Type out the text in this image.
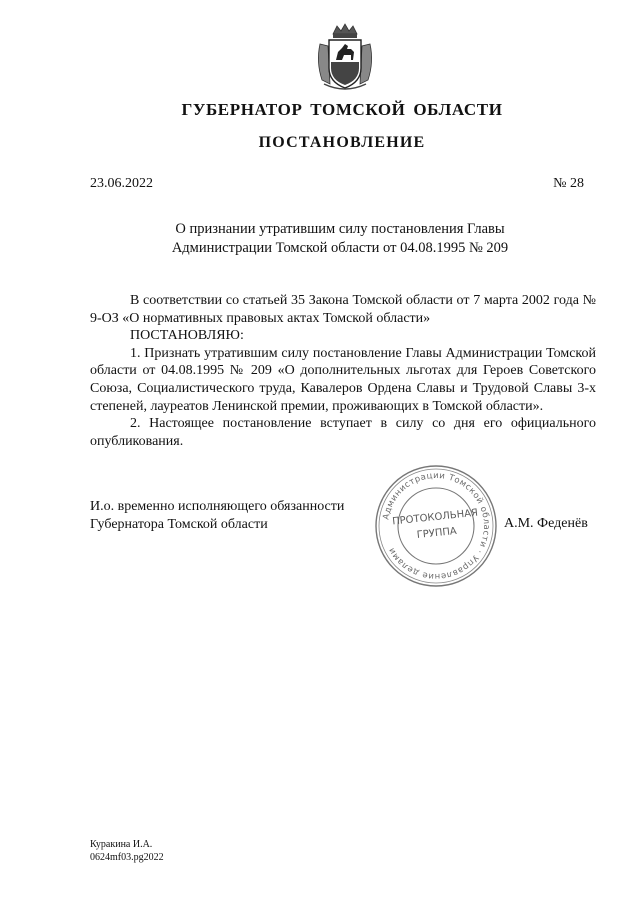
ГУБЕРНАТОР ТОМСКОЙ ОБЛАСТИ
ПОСТАНОВЛЕНИЕ
23.06.2022	№ 28
О признании утратившим силу постановления Главы
Администрации Томской области от 04.08.1995 № 209

В соответствии со статьей 35 Закона Томской области от 7 марта 2002 года № 9-ОЗ «О нормативных правовых актах Томской области»

ПОСТАНОВЛЯЮ:

1. Признать утратившим силу постановление Главы Администрации Томской области от 04.08.1995 № 209 «О дополнительных льготах для Героев Советского Союза, Социалистического труда, Кавалеров Ордена Славы и Трудовой Славы 3-х степеней, лауреатов Ленинской премии, проживающих в Томской области».

2. Настоящее постановление вступает в силу со дня его официального опубликования.

И.о. временно исполняющего обязанности
Губернатора Томской области
Администрации Томской области · Управление делами
ПРОТОКОЛЬНАЯ
ГРУППА
А.М. Феденёв
Куракина И.А.
0624mf03.pg2022
